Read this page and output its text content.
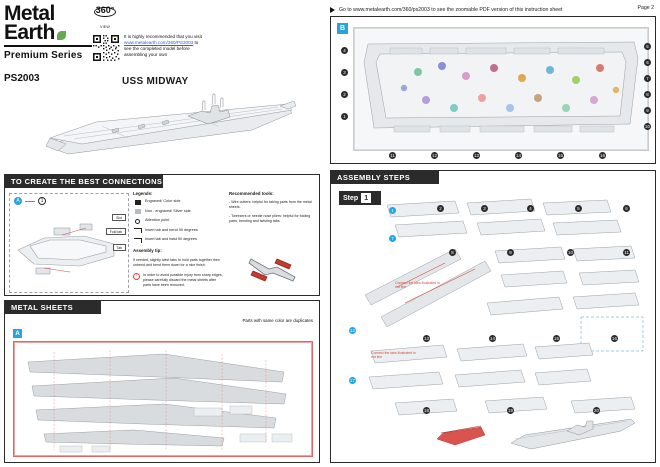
Metal
Earth
Premium Series
PS2003
360°
VIEW
It is highly recommended that you visit www.metalearth.com/360/PS2003 to see the completed model before assembling your own
USS MIDWAY
TO CREATE THE BEST CONNECTIONS
A	1
Slot
Fold tab
Tab
Legends:
Engraved/ Color side
Non - engraved/ Silver side
Attention point
Insert tab and bend 90 degrees
Insert tab and twist 90 degrees
Assembly tip:
If needed, slightly twist tabs to hold parts together then unbend and bend them down for a nice finish.
!	In order to avoid possible injury from sharp edges, please carefully discard the metal sheets after parts have been removed.
Recommended tools:
- Wire cutters: helpful for taking parts from the metal sheets.
- Tweezers or needle nose pliers: helpful for folding parts, bending and twisting tabs.
METAL SHEETS
Parts with same color are duplicates
A
Go to www.metalearth.com/360/ps2003 to see the zoomable PDF version of this instruction sheet	Page 2
B
4
3
2
1
5
6
7
8
9
10
11	12	13	14	15	16
ASSEMBLY STEPS
Step 1
Connect the tabs illustrated in red line
Connect the tabs illustrated in red line
1	2	3	4	5	6
7
8	9	10	11
12
13	14	15	16
17
18	19	20
